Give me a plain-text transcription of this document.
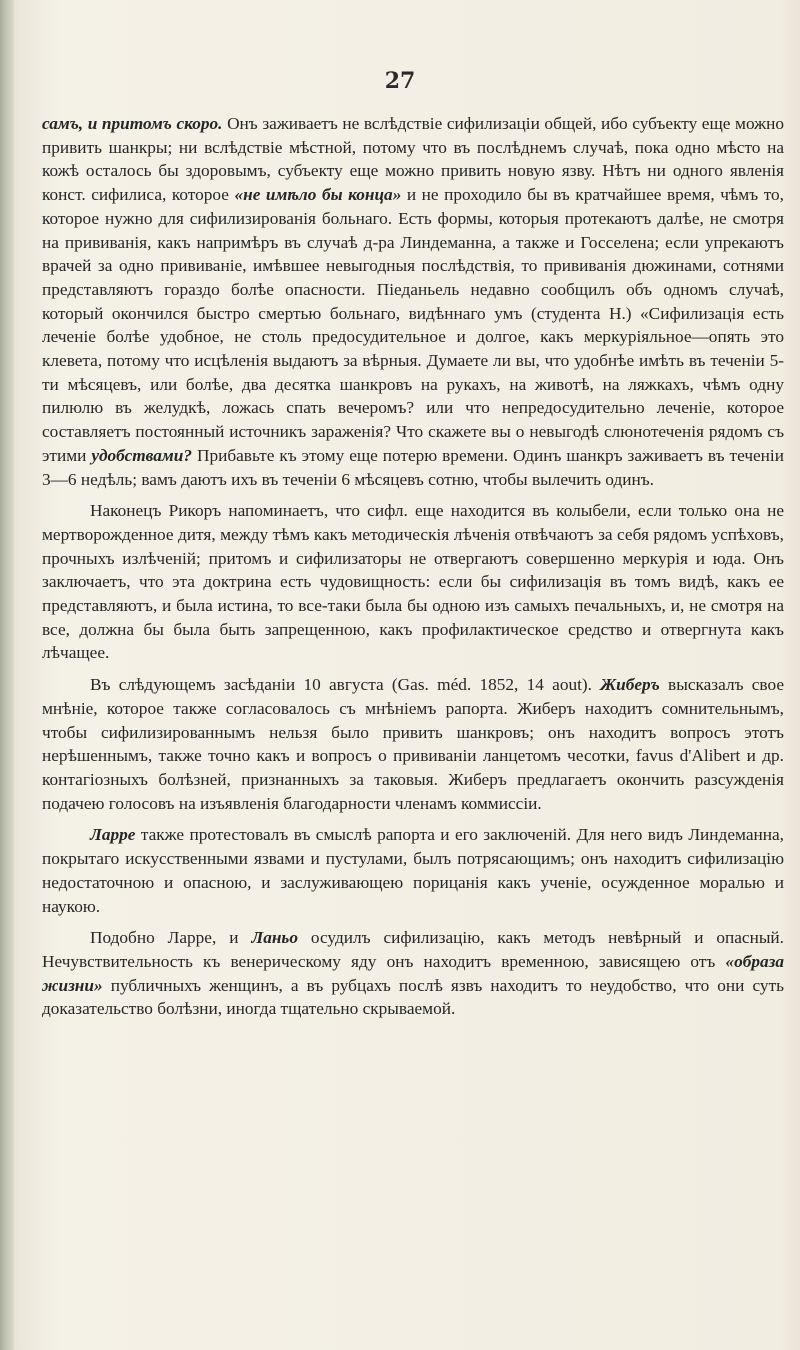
27

самъ, и притомъ скоро. Онъ заживаетъ не вслѣдствіе сифилизаціи общей, ибо субъекту еще можно привить шанкры; ни вслѣдствіе мѣстной, потому что въ послѣднемъ случаѣ, пока одно мѣсто на кожѣ осталось бы здоровымъ, субъекту еще можно привить новую язву. Нѣтъ ни одного явленія конст. сифилиса, которое «не имѣло бы конца» и не проходило бы въ кратчайшее время, чѣмъ то, которое нужно для сифилизированія больнаго. Есть формы, которыя протекаютъ далѣе, не смотря на прививанія, какъ напримѣръ въ случаѣ д-ра Линдеманна, а также и Госселена; если упрекаютъ врачей за одно прививаніе, имѣвшее невыгодныя послѣдствія, то прививанія дюжинами, сотнями представляютъ гораздо болѣе опасности. Піеданьель недавно сообщилъ объ одномъ случаѣ, который окончился быстро смертью больнаго, видѣннаго умъ (студента Н.) «Сифилизація есть леченіе болѣе удобное, не столь предосудительное и долгое, какъ меркуріяльное—опять это клевета, потому что исцѣленія выдаютъ за вѣрныя. Думаете ли вы, что удобнѣе имѣть въ теченіи 5-ти мѣсяцевъ, или болѣе, два десятка шанкровъ на рукахъ, на животѣ, на ляжкахъ, чѣмъ одну пилюлю въ желудкѣ, ложась спать вечеромъ? или что непредосудительно леченіе, которое составляетъ постоянный источникъ зараженія? Что скажете вы о невыгодѣ слюнотеченія рядомъ съ этими удобствами? Прибавьте къ этому еще потерю времени. Одинъ шанкръ заживаетъ въ теченіи 3—6 недѣль; вамъ даютъ ихъ въ теченіи 6 мѣсяцевъ сотню, чтобы вылечить одинъ.

Наконецъ Рикоръ напоминаетъ, что сифл. еще находится въ колыбели, если только она не мертворожденное дитя, между тѣмъ какъ методическія лѣченія отвѣчаютъ за себя рядомъ успѣховъ, прочныхъ излѣченій; притомъ и сифилизаторы не отвергаютъ совершенно меркурія и юда. Онъ заключаетъ, что эта доктрина есть чудовищность: если бы сифилизація въ томъ видѣ, какъ ее представляютъ, и была истина, то все-таки была бы одною изъ самыхъ печальныхъ, и, не смотря на все, должна бы была быть запрещенною, какъ профилактическое средство и отвергнута какъ лѣчащее.

Въ слѣдующемъ засѣданіи 10 августа (Gas. méd. 1852, 14 aout). Жиберъ высказалъ свое мнѣніе, которое также согласовалось съ мнѣніемъ рапорта. Жиберъ находитъ сомнительнымъ, чтобы сифилизированнымъ нельзя было привить шанкровъ; онъ находитъ вопросъ этотъ нерѣшеннымъ, также точно какъ и вопросъ о прививаніи ланцетомъ чесотки, favus d'Alibert и др. контагіозныхъ болѣзней, признанныхъ за таковыя. Жиберъ предлагаетъ окончить разсужденія подачею голосовъ на изъявленія благодарности членамъ коммиссіи.

Ларре также протестовалъ въ смыслѣ рапорта и его заключеній. Для него видъ Линдеманна, покрытаго искусственными язвами и пустулами, былъ потрясающимъ; онъ находитъ сифилизацію недостаточною и опасною, и заслуживающею порицанія какъ ученіе, осужденное моралью и наукою.

Подобно Ларре, и Ланьо осудилъ сифилизацію, какъ методъ невѣрный и опасный. Нечувствительность къ венерическому яду онъ находитъ временною, зависящею отъ «образа жизни» публичныхъ женщинъ, а въ рубцахъ послѣ язвъ находитъ то неудобство, что они суть доказательство болѣзни, иногда тщательно скрываемой.
